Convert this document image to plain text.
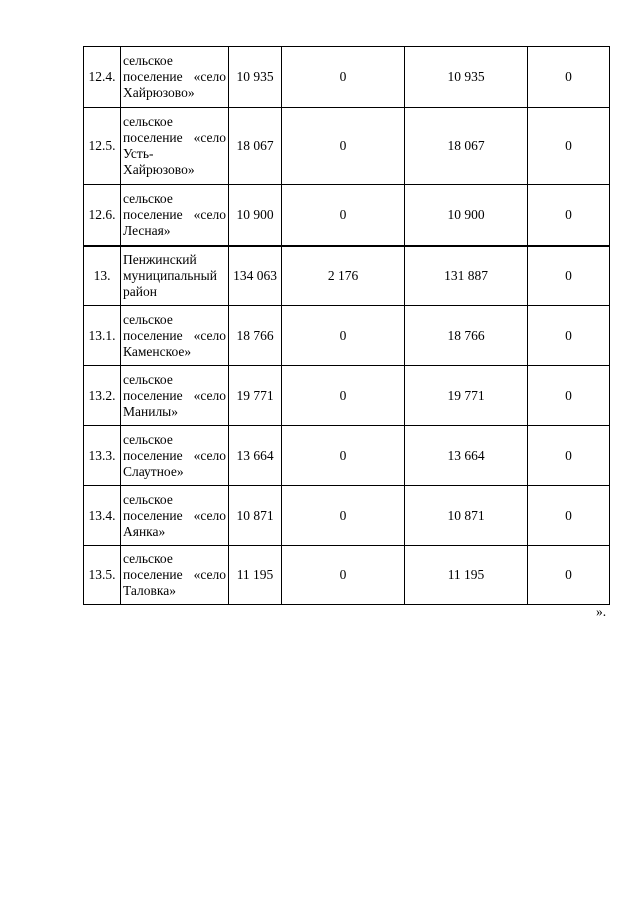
12.4.	сельское
поселение «село
Хайрюзово»	10 935	0	10 935	0
12.5.	сельское
поселение «село
Усть-
Хайрюзово»	18 067	0	18 067	0
12.6.	сельское
поселение «село
Лесная»	10 900	0	10 900	0
13.	Пенжинский
муниципальный
район	134 063	2 176	131 887	0
13.1.	сельское
поселение «село
Каменское»	18 766	0	18 766	0
13.2.	сельское
поселение «село
Манилы»	19 771	0	19 771	0
13.3.	сельское
поселение «село
Слаутное»	13 664	0	13 664	0
13.4.	сельское
поселение «село
Аянка»	10 871	0	10 871	0
13.5.	сельское
поселение «село
Таловка»	11 195	0	11 195	0
».
